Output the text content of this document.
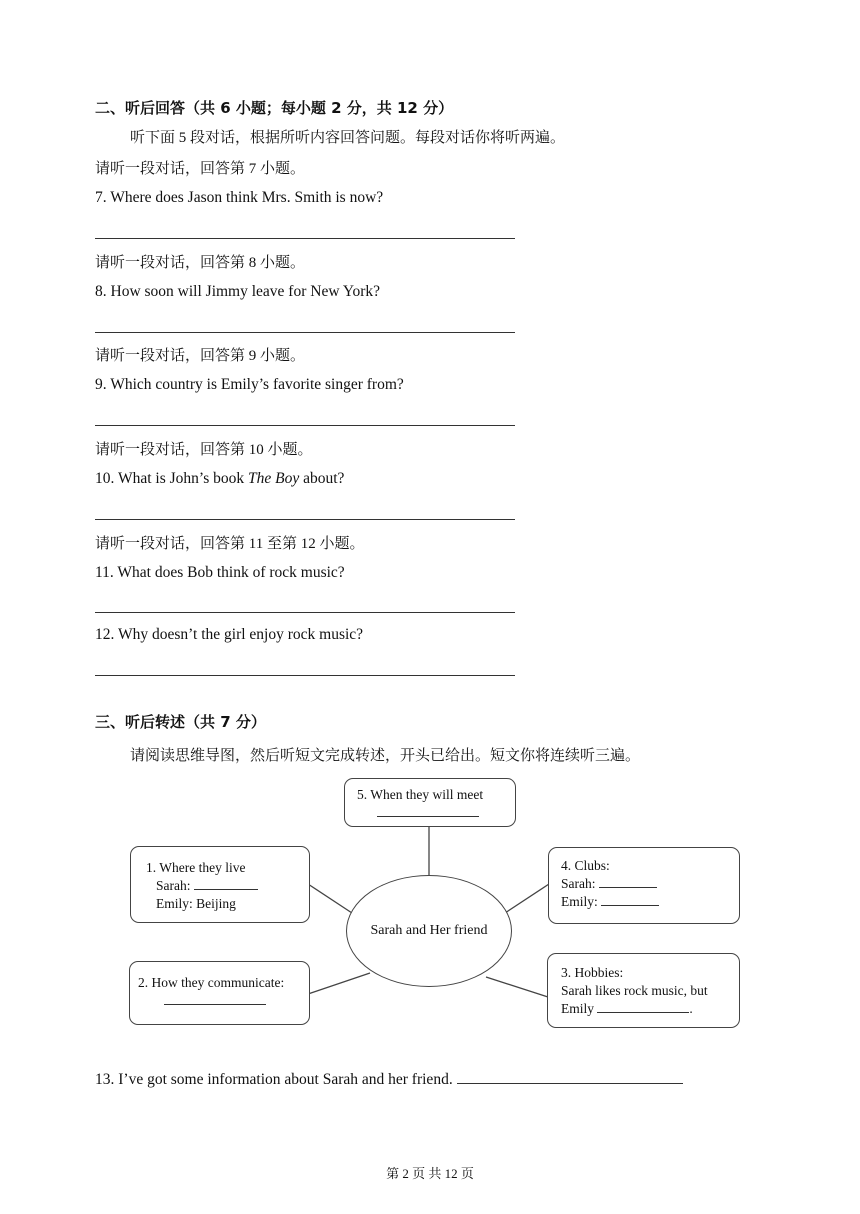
二、听后回答（共 6 小题；每小题 2 分，共 12 分）
听下面 5 段对话，根据所听内容回答问题。每段对话你将听两遍。
请听一段对话，回答第 7 小题。
7. Where does Jason think Mrs. Smith is now?
请听一段对话，回答第 8 小题。
8. How soon will Jimmy leave for New York?
请听一段对话，回答第 9 小题。
9. Which country is Emily’s favorite singer from?
请听一段对话，回答第 10 小题。
10. What is John’s book The Boy about?
请听一段对话，回答第 11 至第 12 小题。
11. What does Bob think of rock music?
12. Why doesn’t the girl enjoy rock music?
三、听后转述（共 7 分）
请阅读思维导图，然后听短文完成转述，开头已给出。短文你将连续听三遍。
5. When they will meet
1. Where they live
Sarah:
Emily: Beijing
4. Clubs:
Sarah:
Emily:
Sarah and Her friend
2. How they communicate:
3. Hobbies:
Sarah likes rock music, but
Emily	.
13. I’ve got some information about Sarah and her friend.
第 2 页 共 12 页
